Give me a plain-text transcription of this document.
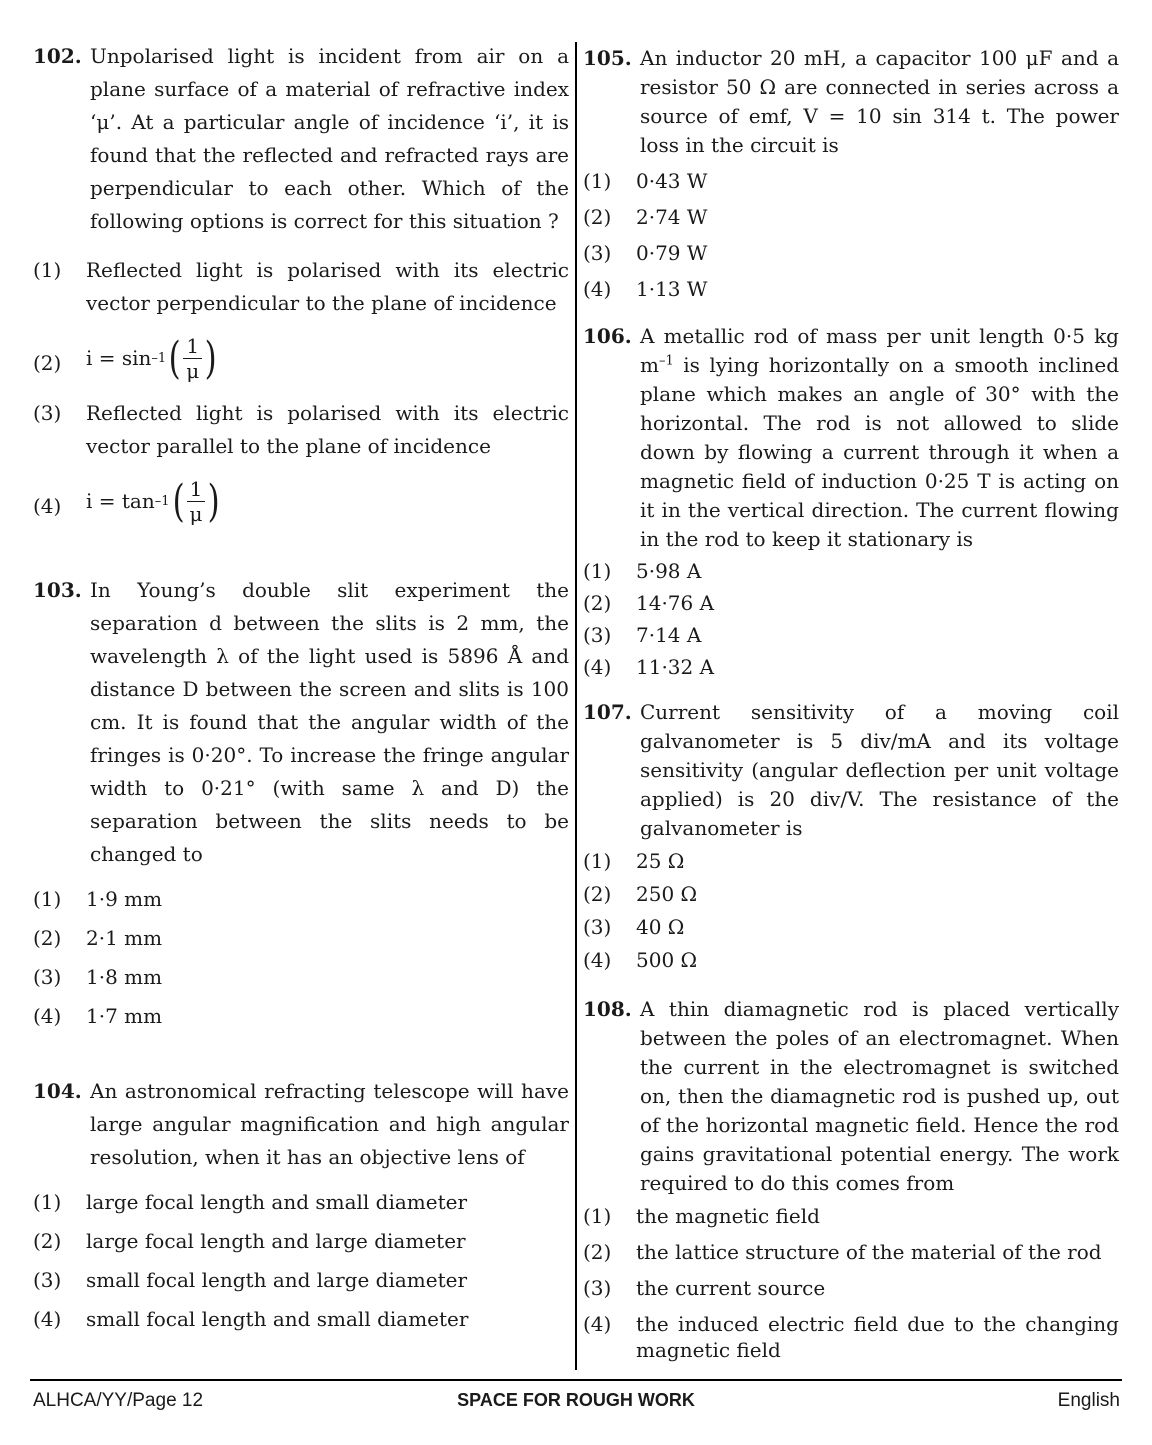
102. Unpolarised light is incident from air on a plane surface of a material of refractive index ‘μ’. At a particular angle of incidence ‘i’, it is found that the reflected and refracted rays are perpendicular to each other. Which of the following options is correct for this situation ?
(1) Reflected light is polarised with its electric vector perpendicular to the plane of incidence
(2) i = sin –1 ( $\frac{1}{\mu}$ )
(3) Reflected light is polarised with its electric vector parallel to the plane of incidence
(4) i = tan –1 ( $\frac{1}{\mu}$ )
103. In Young’s double slit experiment the separation d between the slits is 2 mm, the wavelength λ of the light used is 5896 Å and distance D between the screen and slits is 100 cm. It is found that the angular width of the fringes is 0·20°. To increase the fringe angular width to 0·21° (with same λ and D) the separation between the slits needs to be changed to
(1) 1·9 mm
(2) 2·1 mm
(3) 1·8 mm
(4) 1·7 mm
104. An astronomical refracting telescope will have large angular magnification and high angular resolution, when it has an objective lens of
(1) large focal length and small diameter
(2) large focal length and large diameter
(3) small focal length and large diameter
(4) small focal length and small diameter
105. An inductor 20 mH, a capacitor 100 μF and a resistor 50 Ω are connected in series across a source of emf, V = 10 sin 314 t. The power loss in the circuit is
(1) 0·43 W
(2) 2·74 W
(3) 0·79 W
(4) 1·13 W
106. A metallic rod of mass per unit length 0·5 kg $m^{-1}$ is lying horizontally on a smooth inclined plane which makes an angle of 30° with the horizontal. The rod is not allowed to slide down by flowing a current through it when a magnetic field of induction 0·25 T is acting on it in the vertical direction. The current flowing in the rod to keep it stationary is
(1) 5·98 A
(2) 14·76 A
(3) 7·14 A
(4) 11·32 A
107. Current sensitivity of a moving coil galvanometer is 5 div/mA and its voltage sensitivity (angular deflection per unit voltage applied) is 20 div/V. The resistance of the galvanometer is
(1) 25 Ω
(2) 250 Ω
(3) 40 Ω
(4) 500 Ω
108. A thin diamagnetic rod is placed vertically between the poles of an electromagnet. When the current in the electromagnet is switched on, then the diamagnetic rod is pushed up, out of the horizontal magnetic field. Hence the rod gains gravitational potential energy. The work required to do this comes from
(1) the magnetic field
(2) the lattice structure of the material of the rod
(3) the current source
(4) the induced electric field due to the changing magnetic field
SPACE FOR ROUGH WORK
ALHCA/YY/Page 12	English
